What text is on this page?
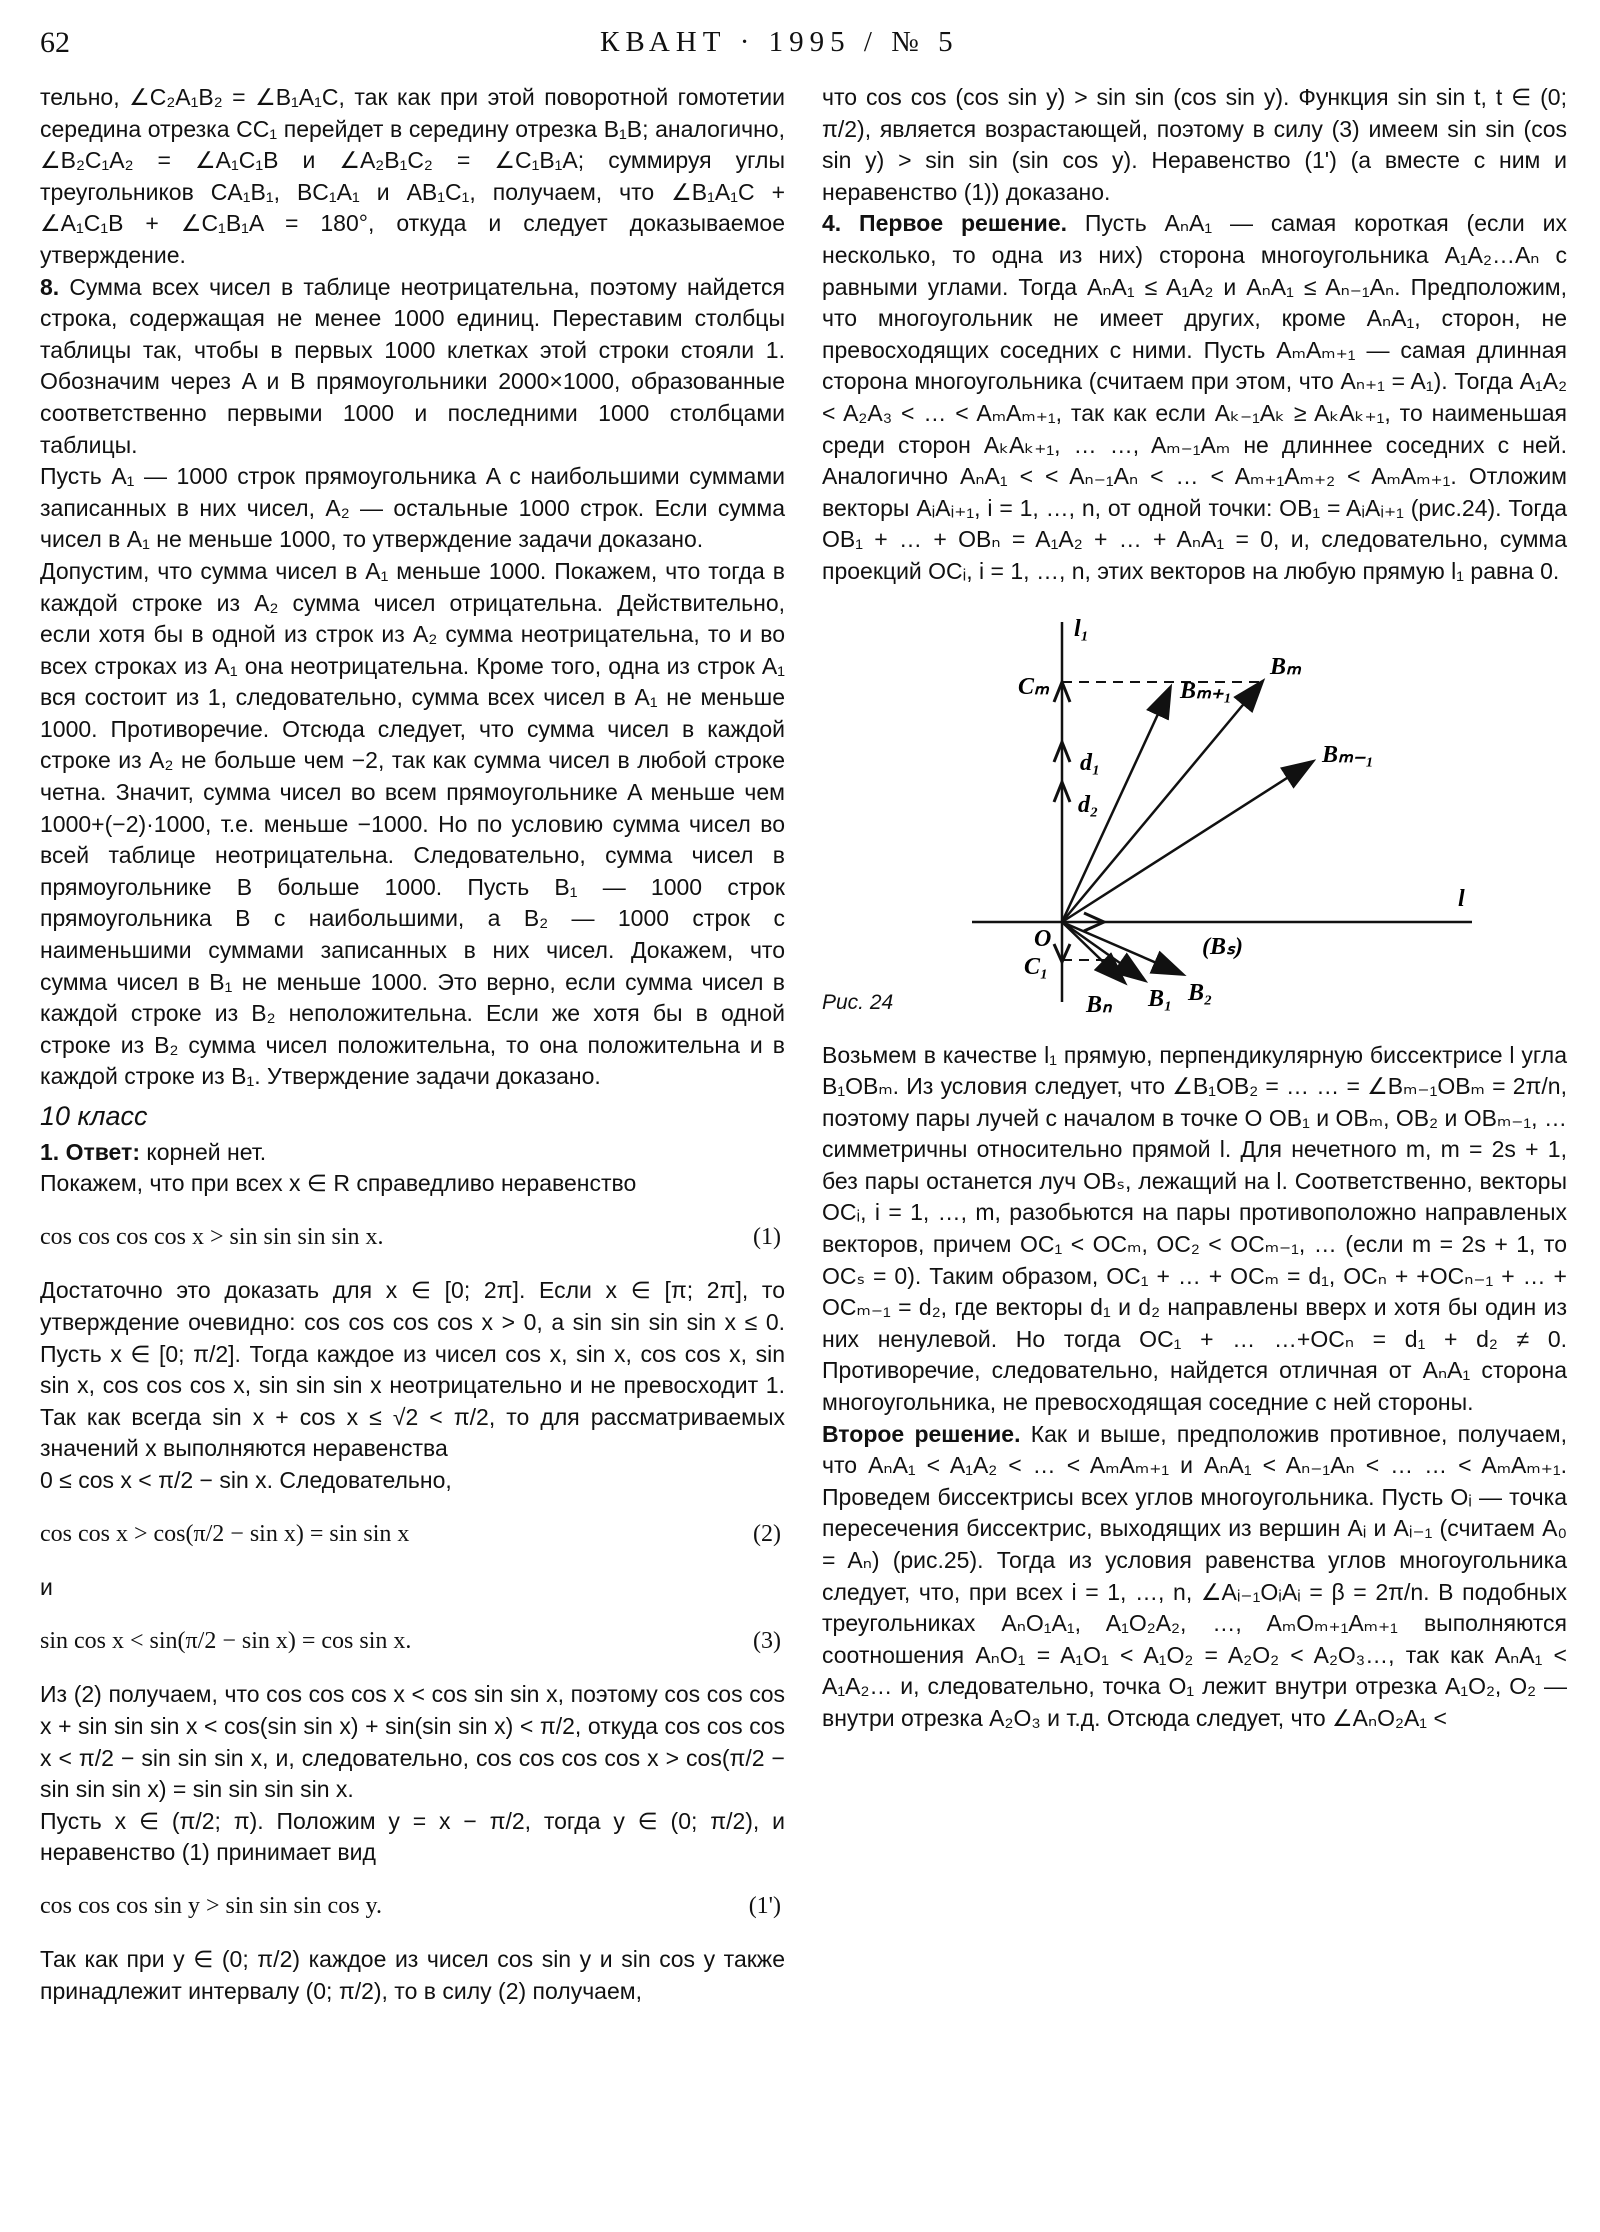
62	КВАНТ · 1995 / № 5

тельно, ∠C₂A₁B₂ = ∠B₁A₁C, так как при этой поворотной гомотетии середина отрезка CC₁ перейдет в середину отрезка B₁B; аналогично, ∠B₂C₁A₂ = ∠A₁C₁B и ∠A₂B₁C₂ = ∠C₁B₁A; суммируя углы треугольников CA₁B₁, BC₁A₁ и AB₁C₁, получаем, что ∠B₁A₁C + ∠A₁C₁B + ∠C₁B₁A = 180°, откуда и следует доказываемое утверждение.

8. Сумма всех чисел в таблице неотрицательна, поэтому найдется строка, содержащая не менее 1000 единиц. Переставим столбцы таблицы так, чтобы в первых 1000 клетках этой строки стояли 1. Обозначим через A и B прямоугольники 2000×1000, образованные соответственно первыми 1000 и последними 1000 столбцами таблицы.

Пусть A₁ — 1000 строк прямоугольника A с наибольшими суммами записанных в них чисел, A₂ — остальные 1000 строк. Если сумма чисел в A₁ не меньше 1000, то утверждение задачи доказано.

Допустим, что сумма чисел в A₁ меньше 1000. Покажем, что тогда в каждой строке из A₂ сумма чисел отрицательна. Действительно, если хотя бы в одной из строк из A₂ сумма неотрицательна, то и во всех строках из A₁ она неотрицательна. Кроме того, одна из строк A₁ вся состоит из 1, следовательно, сумма всех чисел в A₁ не меньше 1000. Противоречие. Отсюда следует, что сумма чисел в каждой строке из A₂ не больше чем −2, так как сумма чисел в любой строке четна. Значит, сумма чисел во всем прямоугольнике A меньше чем 1000+(−2)·1000, т.е. меньше −1000. Но по условию сумма чисел во всей таблице неотрицательна. Следовательно, сумма чисел в прямоугольнике B больше 1000. Пусть B₁ — 1000 строк прямоугольника B с наибольшими, а B₂ — 1000 строк с наименьшими суммами записанных в них чисел. Докажем, что сумма чисел в B₁ не меньше 1000. Это верно, если сумма чисел в каждой строке из B₂ неположительна. Если же хотя бы в одной строке из B₂ сумма чисел положительна, то она положительна и в каждой строке из B₁. Утверждение задачи доказано.

10 класс

1. Ответ: корней нет.

Покажем, что при всех x ∈ R справедливо неравенство

cos cos cos cos x > sin sin sin sin x.	(1)

Достаточно это доказать для x ∈ [0; 2π]. Если x ∈ [π; 2π], то утверждение очевидно: cos cos cos cos x > 0, а sin sin sin sin x ≤ 0. Пусть x ∈ [0; π/2]. Тогда каждое из чисел cos x, sin x, cos cos x, sin sin x, cos cos cos x, sin sin sin x неотрицательно и не превосходит 1. Так как всегда sin x + cos x ≤ √2 < π/2, то для рассматриваемых значений x выполняются неравенства

0 ≤ cos x < π/2 − sin x. Следовательно,

cos cos x > cos(π/2 − sin x) = sin sin x	(2)

и

sin cos x < sin(π/2 − sin x) = cos sin x.	(3)

Из (2) получаем, что cos cos cos x < cos sin sin x, поэтому cos cos cos x + sin sin sin x < cos(sin sin x) + sin(sin sin x) < π/2, откуда cos cos cos x < π/2 − sin sin sin x, и, следовательно, cos cos cos cos x > cos(π/2 − sin sin sin x) = sin sin sin sin x.

Пусть x ∈ (π/2; π). Положим y = x − π/2, тогда y ∈ (0; π/2), и неравенство (1) принимает вид

cos cos cos sin y > sin sin sin cos y.	(1')

Так как при y ∈ (0; π/2) каждое из чисел cos sin y и sin cos y также принадлежит интервалу (0; π/2), то в силу (2) получаем,

что cos cos (cos sin y) > sin sin (cos sin y). Функция sin sin t, t ∈ (0; π/2), является возрастающей, поэтому в силу (3) имеем sin sin (cos sin y) > sin sin (sin cos y). Неравенство (1') (а вместе с ним и неравенство (1)) доказано.

4. Первое решение. Пусть AₙA₁ — самая короткая (если их несколько, то одна из них) сторона многоугольника A₁A₂…Aₙ с равными углами. Тогда AₙA₁ ≤ A₁A₂ и AₙA₁ ≤ Aₙ₋₁Aₙ. Предположим, что многоугольник не имеет других, кроме AₙA₁, сторон, не превосходящих соседних с ними. Пусть AₘAₘ₊₁ — самая длинная сторона многоугольника (считаем при этом, что Aₙ₊₁ = A₁). Тогда A₁A₂ < A₂A₃ < … < AₘAₘ₊₁, так как если Aₖ₋₁Aₖ ≥ AₖAₖ₊₁, то наименьшая среди сторон AₖAₖ₊₁, … …, Aₘ₋₁Aₘ не длиннее соседних с ней. Аналогично AₙA₁ < < Aₙ₋₁Aₙ < … < Aₘ₊₁Aₘ₊₂ < AₘAₘ₊₁. Отложим векторы AᵢAᵢ₊₁, i = 1, …, n, от одной точки: OB₁ = AᵢAᵢ₊₁ (рис.24). Тогда OB₁ + … + OBₙ = A₁A₂ + … + AₙA₁ = 0, и, следовательно, сумма проекций OCᵢ, i = 1, …, n, этих векторов на любую прямую l₁ равна 0.

l₁
l
Bₘ
Bₘ₊₁
Bₘ₋₁
Cₘ
d₁
d₂
O	(Bₛ)
C₁
Bₙ B₁ B₂
Рис. 24

Возьмем в качестве l₁ прямую, перпендикулярную биссектрисе l угла B₁OBₘ. Из условия следует, что ∠B₁OB₂ = … … = ∠Bₘ₋₁OBₘ = 2π/n, поэтому пары лучей с началом в точке O OB₁ и OBₘ, OB₂ и OBₘ₋₁, … симметричны относительно прямой l. Для нечетного m, m = 2s + 1, без пары останется луч OBₛ, лежащий на l. Соответственно, векторы OCᵢ, i = 1, …, m, разобьются на пары противоположно направленых векторов, причем OC₁ < OCₘ, OC₂ < OCₘ₋₁, … (если m = 2s + 1, то OCₛ = 0). Таким образом, OC₁ + … + OCₘ = d₁, OCₙ + +OCₙ₋₁ + … + OCₘ₋₁ = d₂, где векторы d₁ и d₂ направлены вверх и хотя бы один из них ненулевой. Но тогда OC₁ + … …+OCₙ = d₁ + d₂ ≠ 0. Противоречие, следовательно, найдется отличная от AₙA₁ сторона многоугольника, не превосходящая соседние с ней стороны.

Второе решение. Как и выше, предположив противное, получаем, что AₙA₁ < A₁A₂ < … < AₘAₘ₊₁ и AₙA₁ < Aₙ₋₁Aₙ < … … < AₘAₘ₊₁. Проведем биссектрисы всех углов многоугольника. Пусть Oᵢ — точка пересечения биссектрис, выходящих из вершин Aᵢ и Aᵢ₋₁ (считаем A₀ = Aₙ) (рис.25). Тогда из условия равенства углов многоугольника следует, что, при всех i = 1, …, n, ∠Aᵢ₋₁OᵢAᵢ = β = 2π/n. В подобных треугольниках AₙO₁A₁, A₁O₂A₂, …, AₘOₘ₊₁Aₘ₊₁ выполняются соотношения AₙO₁ = A₁O₁ < A₁O₂ = A₂O₂ < A₂O₃…, так как AₙA₁ < A₁A₂… и, следовательно, точка O₁ лежит внутри отрезка A₁O₂, O₂ — внутри отрезка A₂O₃ и т.д. Отсюда следует, что ∠AₙO₂A₁ <
